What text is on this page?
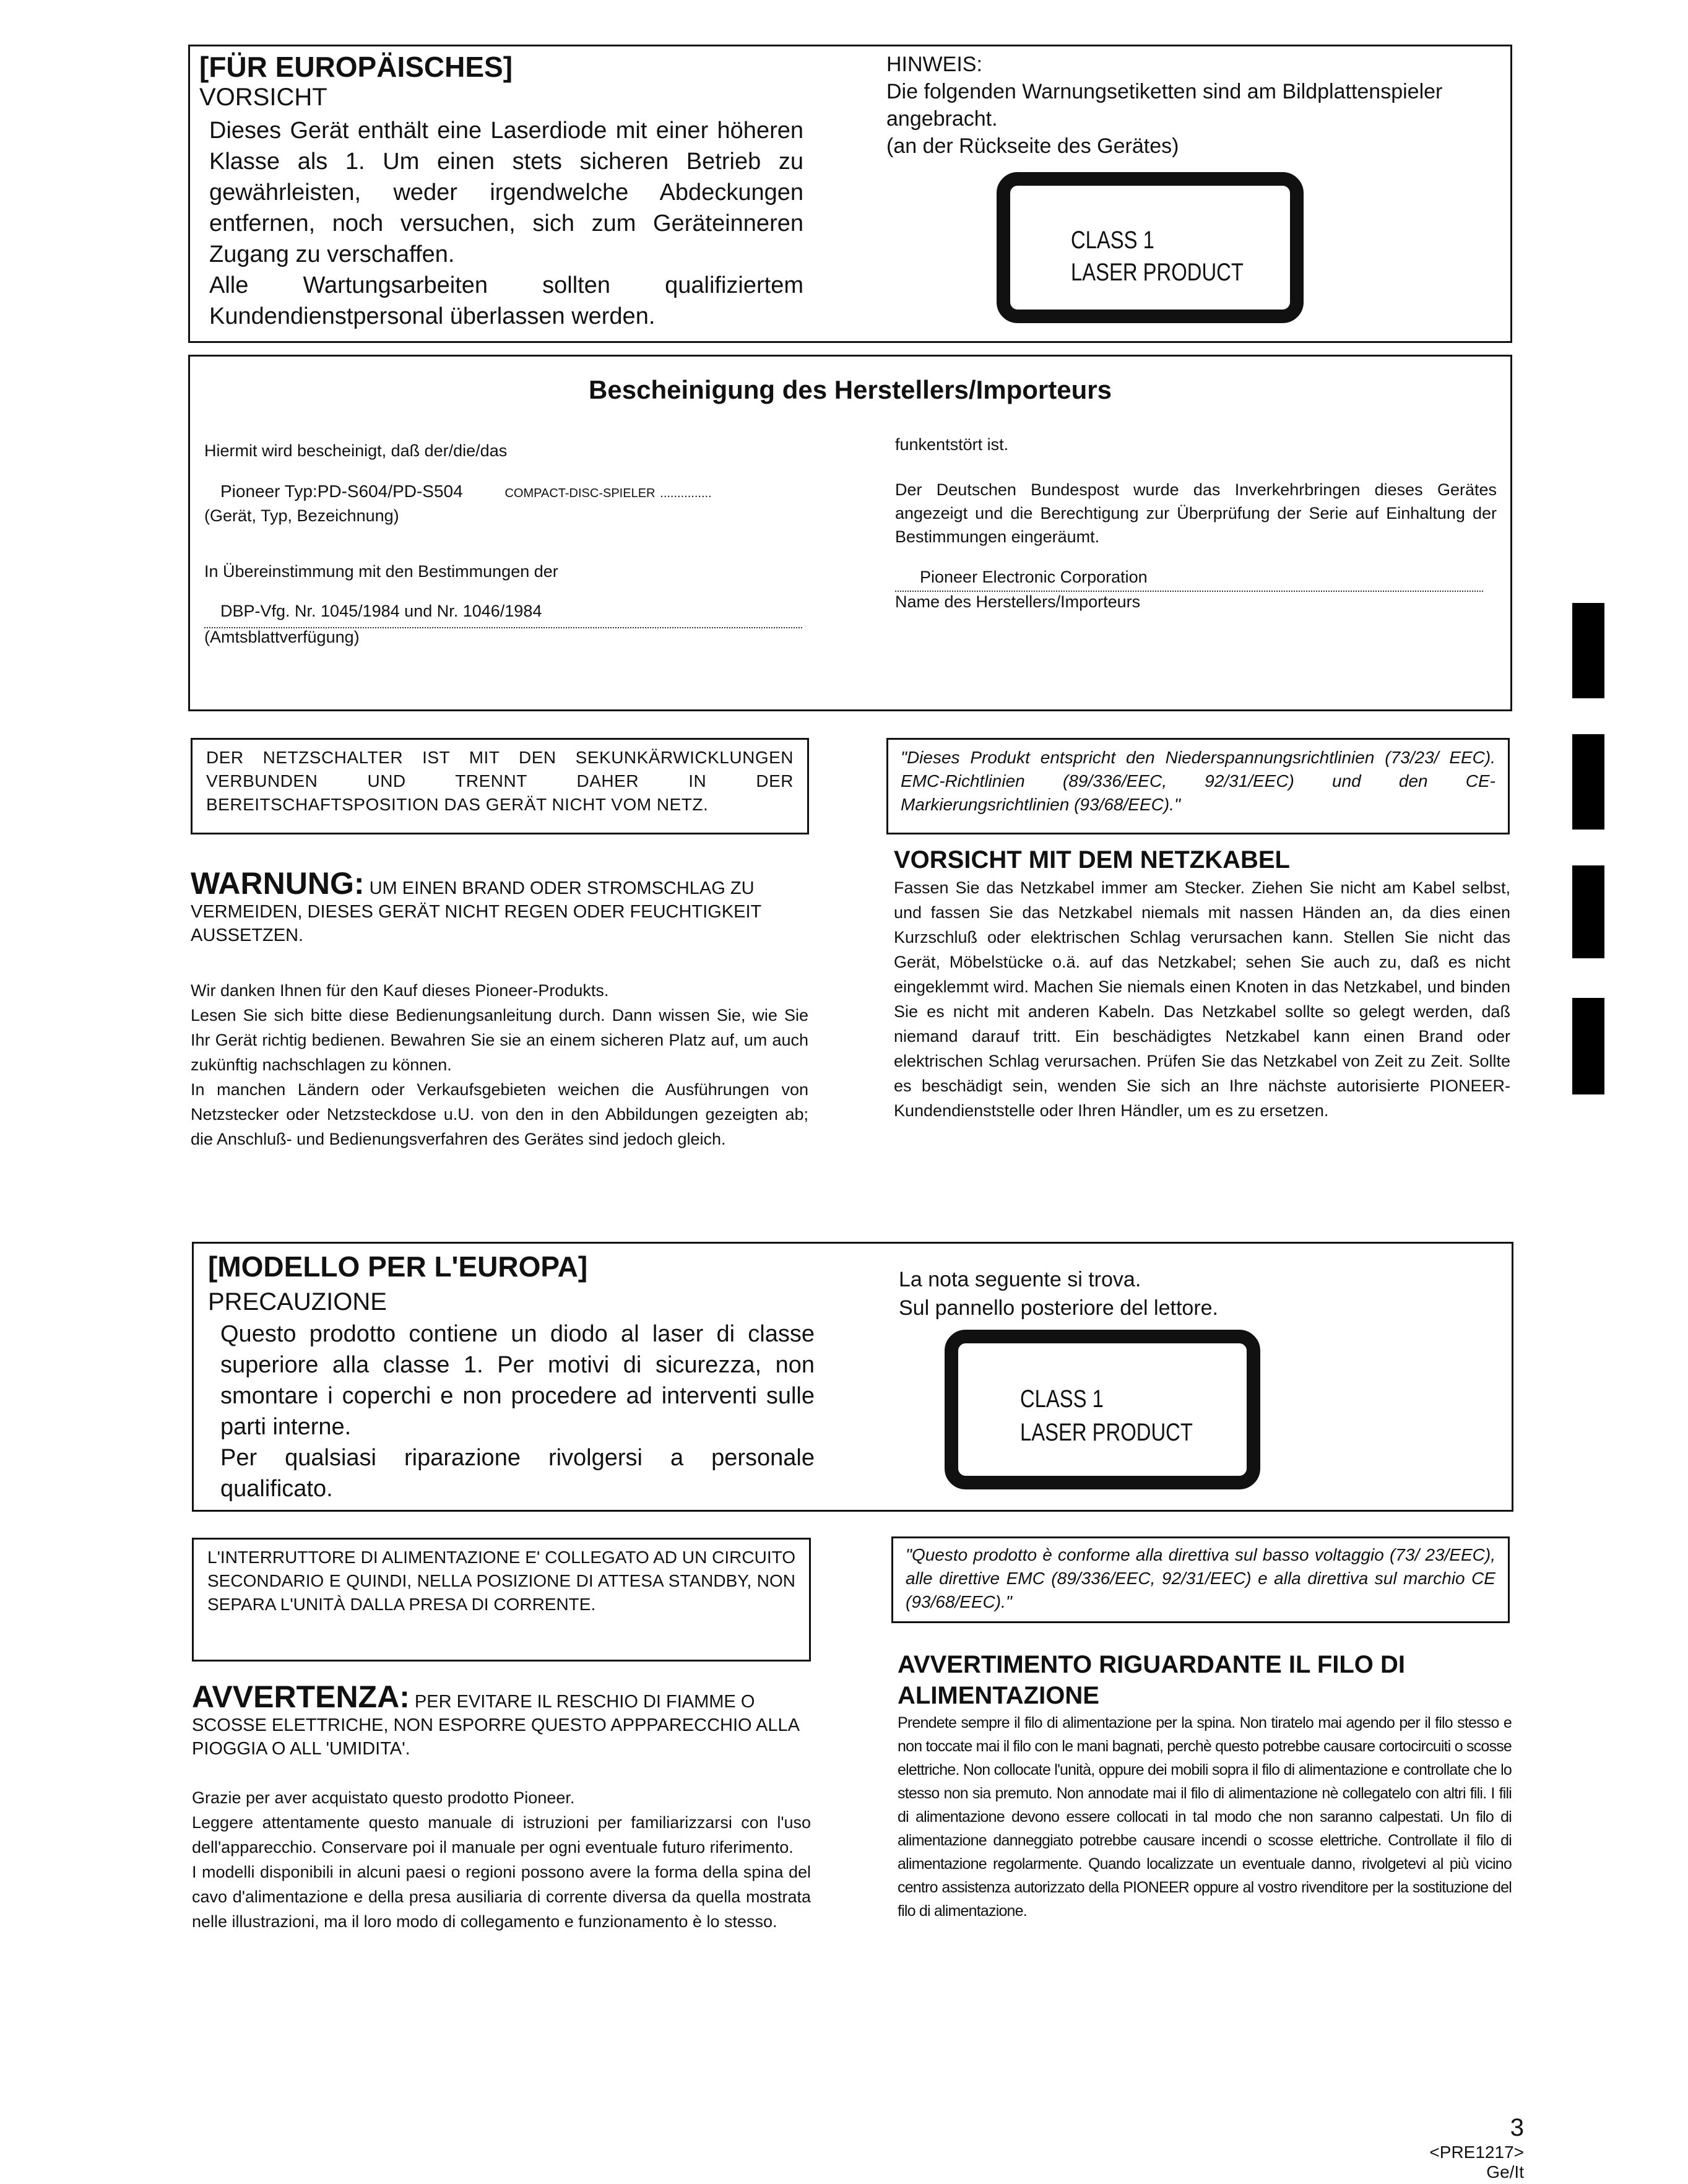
[FÜR EUROPÄISCHES]

VORSICHT

Dieses Gerät enthält eine Laserdiode mit einer höheren Klasse als 1. Um einen stets sicheren Betrieb zu gewährleisten, weder irgendwelche Abdeckungen entfernen, noch versuchen, sich zum Geräteinneren Zugang zu verschaffen.

Alle Wartungsarbeiten sollten qualifiziertem Kundendienstpersonal überlassen werden.

HINWEIS:

Die folgenden Warnungsetiketten sind am Bildplattenspieler angebracht.

(an der Rückseite des Gerätes)

CLASS 1
LASER PRODUCT

Bescheinigung des Herstellers/Importeurs

Hiermit wird bescheinigt, daß der/die/das

Pioneer Typ:PD-S604/PD-S504	COMPACT-DISC-SPIELER ...............

(Gerät, Typ, Bezeichnung)

In Übereinstimmung mit den Bestimmungen der

DBP-Vfg. Nr. 1045/1984 und Nr. 1046/1984

(Amtsblattverfügung)

funkentstört ist.

Der Deutschen Bundespost wurde das Inverkehrbringen dieses Gerätes angezeigt und die Berechtigung zur Überprüfung der Serie auf Einhaltung der Bestimmungen eingeräumt.

Pioneer Electronic Corporation

Name des Herstellers/Importeurs

DER NETZSCHALTER IST MIT DEN SEKUNKÄRWICKLUNGEN VERBUNDEN UND TRENNT DAHER IN DER BEREITSCHAFTSPOSITION DAS GERÄT NICHT VOM NETZ.

"Dieses Produkt entspricht den Niederspannungsrichtlinien (73/23/ EEC). EMC-Richtlinien (89/336/EEC, 92/31/EEC) und den CE-Markierungsrichtlinien (93/68/EEC)."

WARNUNG: UM EINEN BRAND ODER STROMSCHLAG ZU VERMEIDEN, DIESES GERÄT NICHT REGEN ODER FEUCHTIGKEIT AUSSETZEN.

Wir danken Ihnen für den Kauf dieses Pioneer-Produkts.

Lesen Sie sich bitte diese Bedienungsanleitung durch. Dann wissen Sie, wie Sie Ihr Gerät richtig bedienen. Bewahren Sie sie an einem sicheren Platz auf, um auch zukünftig nachschlagen zu können.

In manchen Ländern oder Verkaufsgebieten weichen die Ausführungen von Netzstecker oder Netzsteckdose u.U. von den in den Abbildungen gezeigten ab; die Anschluß- und Bedienungsverfahren des Gerätes sind jedoch gleich.

VORSICHT MIT DEM NETZKABEL

Fassen Sie das Netzkabel immer am Stecker. Ziehen Sie nicht am Kabel selbst, und fassen Sie das Netzkabel niemals mit nassen Händen an, da dies einen Kurzschluß oder elektrischen Schlag verursachen kann. Stellen Sie nicht das Gerät, Möbelstücke o.ä. auf das Netzkabel; sehen Sie auch zu, daß es nicht eingeklemmt wird. Machen Sie niemals einen Knoten in das Netzkabel, und binden Sie es nicht mit anderen Kabeln. Das Netzkabel sollte so gelegt werden, daß niemand darauf tritt. Ein beschädigtes Netzkabel kann einen Brand oder elektrischen Schlag verursachen. Prüfen Sie das Netzkabel von Zeit zu Zeit. Sollte es beschädigt sein, wenden Sie sich an Ihre nächste autorisierte PIONEER-Kundendienststelle oder Ihren Händler, um es zu ersetzen.

[MODELLO PER L'EUROPA]

PRECAUZIONE

Questo prodotto contiene un diodo al laser di classe superiore alla classe 1. Per motivi di sicurezza, non smontare i coperchi e non procedere ad interventi sulle parti interne.

Per qualsiasi riparazione rivolgersi a personale qualificato.

La nota seguente si trova.

Sul pannello posteriore del lettore.

CLASS 1
LASER PRODUCT

L'INTERRUTTORE DI ALIMENTAZIONE E' COLLEGATO AD UN CIRCUITO SECONDARIO E QUINDI, NELLA POSIZIONE DI ATTESA STANDBY, NON SEPARA L'UNITÀ DALLA PRESA DI CORRENTE.

"Questo prodotto è conforme alla direttiva sul basso voltaggio (73/ 23/EEC), alle direttive EMC (89/336/EEC, 92/31/EEC) e alla direttiva sul marchio CE (93/68/EEC)."

AVVERTENZA: PER EVITARE IL RESCHIO DI FIAMME O SCOSSE ELETTRICHE, NON ESPORRE QUESTO APPPARECCHIO ALLA PIOGGIA O ALL 'UMIDITA'.

Grazie per aver acquistato questo prodotto Pioneer.

Leggere attentamente questo manuale di istruzioni per familiarizzarsi con l'uso dell'apparecchio. Conservare poi il manuale per ogni eventuale futuro riferimento.

I modelli disponibili in alcuni paesi o regioni possono avere la forma della spina del cavo d'alimentazione e della presa ausiliaria di corrente diversa da quella mostrata nelle illustrazioni, ma il loro modo di collegamento e funzionamento è lo stesso.

AVVERTIMENTO RIGUARDANTE IL FILO DI ALIMENTAZIONE

Prendete sempre il filo di alimentazione per la spina. Non tiratelo mai agendo per il filo stesso e non toccate mai il filo con le mani bagnati, perchè questo potrebbe causare cortocircuiti o scosse elettriche. Non collocate l'unità, oppure dei mobili sopra il filo di alimentazione e controllate che lo stesso non sia premuto. Non annodate mai il filo di alimentazione nè collegatelo con altri fili. I fili di alimentazione devono essere collocati in tal modo che non saranno calpestati. Un filo di alimentazione danneggiato potrebbe causare incendi o scosse elettriche. Controllate il filo di alimentazione regolarmente. Quando localizzate un eventuale danno, rivolgetevi al più vicino centro assistenza autorizzato della PIONEER oppure al vostro rivenditore per la sostituzione del filo di alimentazione.

3

<PRE1217>

Ge/It
